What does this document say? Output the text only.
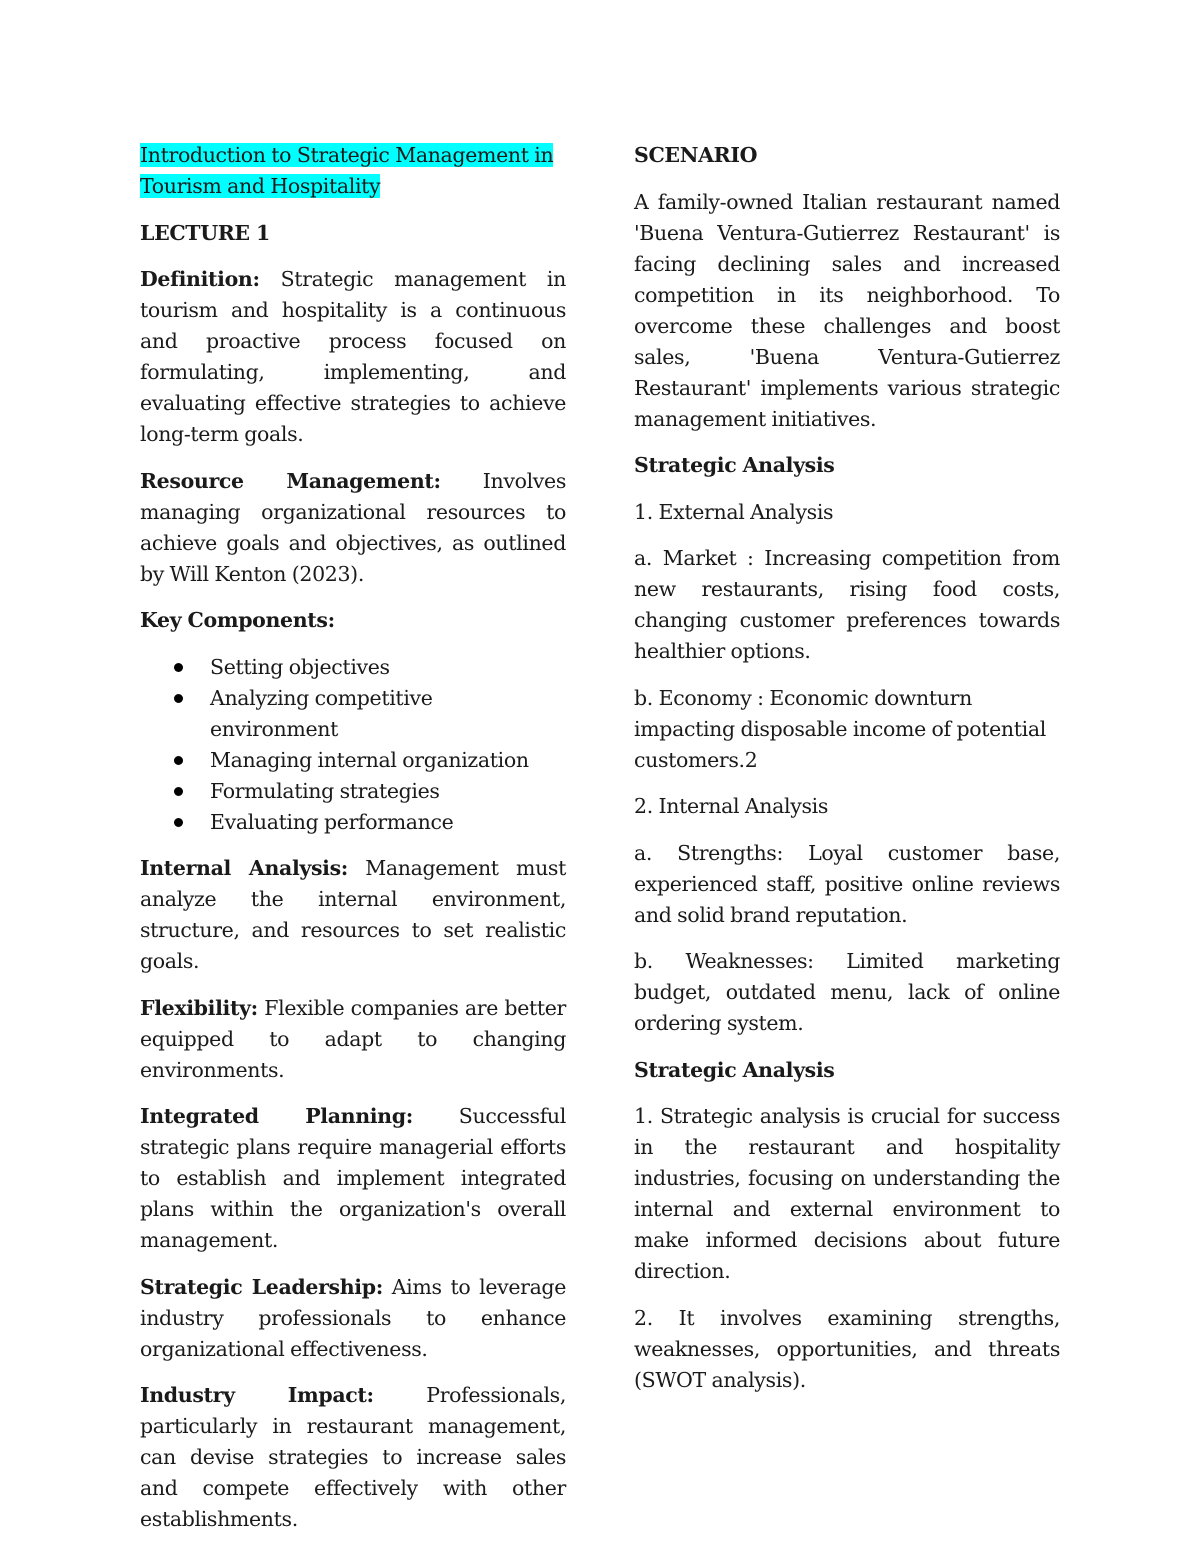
Introduction to Strategic Management in Tourism and Hospitality

LECTURE 1

Definition: Strategic management in tourism and hospitality is a continuous and proactive process focused on formulating, implementing, and evaluating effective strategies to achieve long-term goals.

Resource Management: Involves managing organizational resources to achieve goals and objectives, as outlined by Will Kenton (2023).

Key Components:

Setting objectives
Analyzing competitive environment
Managing internal organization
Formulating strategies
Evaluating performance

Internal Analysis: Management must analyze the internal environment, structure, and resources to set realistic goals.

Flexibility: Flexible companies are better equipped to adapt to changing environments.

Integrated Planning: Successful strategic plans require managerial efforts to establish and implement integrated plans within the organization's overall management.

Strategic Leadership: Aims to leverage industry professionals to enhance organizational effectiveness.

Industry Impact: Professionals, particularly in restaurant management, can devise strategies to increase sales and compete effectively with other establishments.

SCENARIO

A family-owned Italian restaurant named 'Buena Ventura-Gutierrez Restaurant' is facing declining sales and increased competition in its neighborhood. To overcome these challenges and boost sales, 'Buena Ventura-Gutierrez Restaurant' implements various strategic management initiatives.

Strategic Analysis

1. External Analysis

a. Market : Increasing competition from new restaurants, rising food costs, changing customer preferences towards healthier options.

b. Economy : Economic downturn impacting disposable income of potential customers.2

2. Internal Analysis

a. Strengths: Loyal customer base, experienced staff, positive online reviews and solid brand reputation.

b. Weaknesses: Limited marketing budget, outdated menu, lack of online ordering system.

Strategic Analysis

1. Strategic analysis is crucial for success in the restaurant and hospitality industries, focusing on understanding the internal and external environment to make informed decisions about future direction.

2. It involves examining strengths, weaknesses, opportunities, and threats (SWOT analysis).
